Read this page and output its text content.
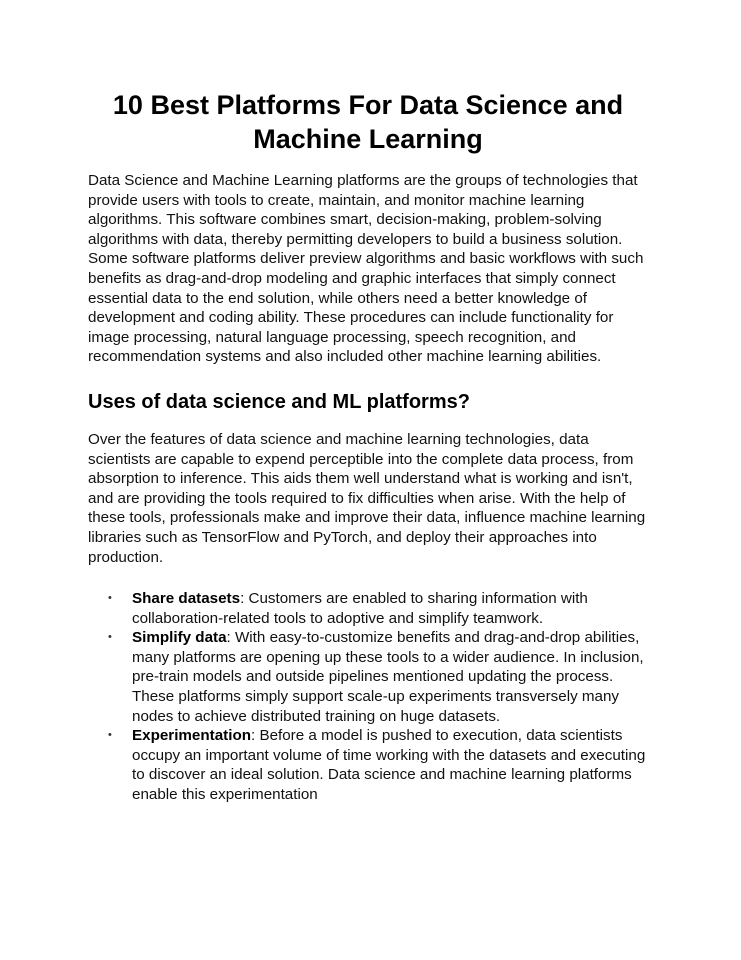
10 Best Platforms For Data Science and Machine Learning

Data Science and Machine Learning platforms are the groups of technologies that provide users with tools to create, maintain, and monitor machine learning algorithms. This software combines smart, decision-making, problem-solving algorithms with data, thereby permitting developers to build a business solution. Some software platforms deliver preview algorithms and basic workflows with such benefits as drag-and-drop modeling and graphic interfaces that simply connect essential data to the end solution, while others need a better knowledge of development and coding ability. These procedures can include functionality for image processing, natural language processing, speech recognition, and recommendation systems and also included other machine learning abilities.

Uses of data science and ML platforms?

Over the features of data science and machine learning technologies, data scientists are capable to expend perceptible into the complete data process, from absorption to inference. This aids them well understand what is working and isn't, and are providing the tools required to fix difficulties when arise. With the help of these tools, professionals make and improve their data, influence machine learning libraries such as TensorFlow and PyTorch, and deploy their approaches into production.

• Share datasets: Customers are enabled to sharing information with collaboration-related tools to adoptive and simplify teamwork.
• Simplify data: With easy-to-customize benefits and drag-and-drop abilities, many platforms are opening up these tools to a wider audience. In inclusion, pre-train models and outside pipelines mentioned updating the process. These platforms simply support scale-up experiments transversely many nodes to achieve distributed training on huge datasets.
• Experimentation: Before a model is pushed to execution, data scientists occupy an important volume of time working with the datasets and executing to discover an ideal solution. Data science and machine learning platforms enable this experimentation
